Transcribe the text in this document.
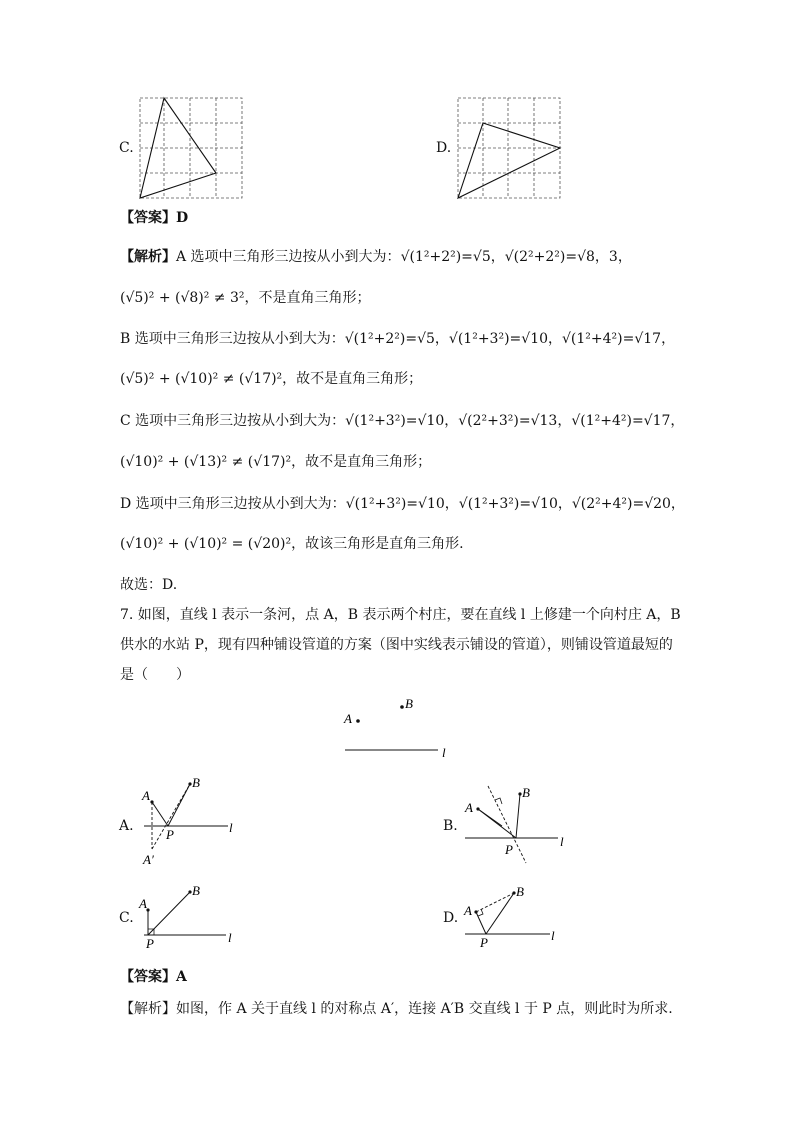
C.	D.
【答案】D
【解析】A 选项中三角形三边按从小到大为：√(1²+2²)=√5，√(2²+2²)=√8，3，
(√5)² + (√8)² ≠ 3²，不是直角三角形；
B 选项中三角形三边按从小到大为：√(1²+2²)=√5，√(1²+3²)=√10，√(1²+4²)=√17，
(√5)² + (√10)² ≠ (√17)²，故不是直角三角形；
C 选项中三角形三边按从小到大为：√(1²+3²)=√10，√(2²+3²)=√13，√(1²+4²)=√17，
(√10)² + (√13)² ≠ (√17)²，故不是直角三角形；
D 选项中三角形三边按从小到大为：√(1²+3²)=√10，√(1²+3²)=√10，√(2²+4²)=√20，
(√10)² + (√10)² = (√20)²，故该三角形是直角三角形.
故选：D.
7. 如图，直线 l 表示一条河，点 A，B 表示两个村庄，要在直线 l 上修建一个向村庄 A，B
供水的水站 P，现有四种铺设管道的方案（图中实线表示铺设的管道），则铺设管道最短的
是（　　）
A
B
l
A.
A
B
P
A′
l	B.
A
B
P
l
C.
A
B
P	l
D. A
B
P	l
【答案】A
【解析】如图，作 A 关于直线 l 的对称点 A′，连接 A′B 交直线 l 于 P 点，则此时为所求.
